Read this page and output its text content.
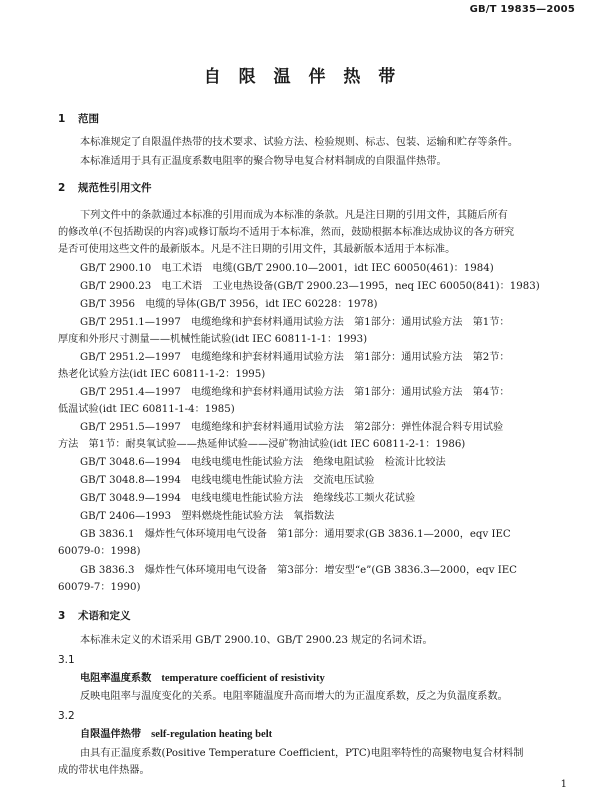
GB/T 19835—2005
自 限 温 伴 热 带
1 范围
本标准规定了自限温伴热带的技术要求、试验方法、检验规则、标志、包装、运输和贮存等条件。
本标准适用于具有正温度系数电阻率的聚合物导电复合材料制成的自限温伴热带。
2 规范性引用文件
下列文件中的条款通过本标准的引用而成为本标准的条款。凡是注日期的引用文件，其随后所有
的修改单(不包括勘误的内容)或修订版均不适用于本标准，然而，鼓励根据本标准达成协议的各方研究
是否可使用这些文件的最新版本。凡是不注日期的引用文件，其最新版本适用于本标准。
GB/T 2900.10　电工术语　电缆(GB/T 2900.10—2001，idt IEC 60050(461)：1984)
GB/T 2900.23　电工术语　工业电热设备(GB/T 2900.23—1995，neq IEC 60050(841)：1983)
GB/T 3956　电缆的导体(GB/T 3956，idt IEC 60228：1978)
GB/T 2951.1—1997　电缆绝缘和护套材料通用试验方法　第1部分：通用试验方法　第1节：
厚度和外形尺寸测量——机械性能试验(idt IEC 60811-1-1：1993)
GB/T 2951.2—1997　电缆绝缘和护套材料通用试验方法　第1部分：通用试验方法　第2节：
热老化试验方法(idt IEC 60811-1-2：1995)
GB/T 2951.4—1997　电缆绝缘和护套材料通用试验方法　第1部分：通用试验方法　第4节：
低温试验(idt IEC 60811-1-4：1985)
GB/T 2951.5—1997　电缆绝缘和护套材料通用试验方法　第2部分：弹性体混合料专用试验
方法　第1节：耐臭氧试验——热延伸试验——浸矿物油试验(idt IEC 60811-2-1：1986)
GB/T 3048.6—1994　电线电缆电性能试验方法　绝缘电阻试验　检流计比较法
GB/T 3048.8—1994　电线电缆电性能试验方法　交流电压试验
GB/T 3048.9—1994　电线电缆电性能试验方法　绝缘线芯工频火花试验
GB/T 2406—1993　塑料燃烧性能试验方法　氧指数法
GB 3836.1　爆炸性气体环境用电气设备　第1部分：通用要求(GB 3836.1—2000，eqv IEC
60079-0：1998)
GB 3836.3　爆炸性气体环境用电气设备　第3部分：增安型“e”(GB 3836.3—2000，eqv IEC
60079-7：1990)
3 术语和定义
本标准未定义的术语采用 GB/T 2900.10、GB/T 2900.23 规定的名词术语。
3.1
电阻率温度系数 temperature coefficient of resistivity
反映电阻率与温度变化的关系。电阻率随温度升高而增大的为正温度系数，反之为负温度系数。
3.2
自限温伴热带 self-regulation heating belt
由具有正温度系数(Positive Temperature Coefficient，PTC)电阻率特性的高聚物电复合材料制
成的带状电伴热器。
1
